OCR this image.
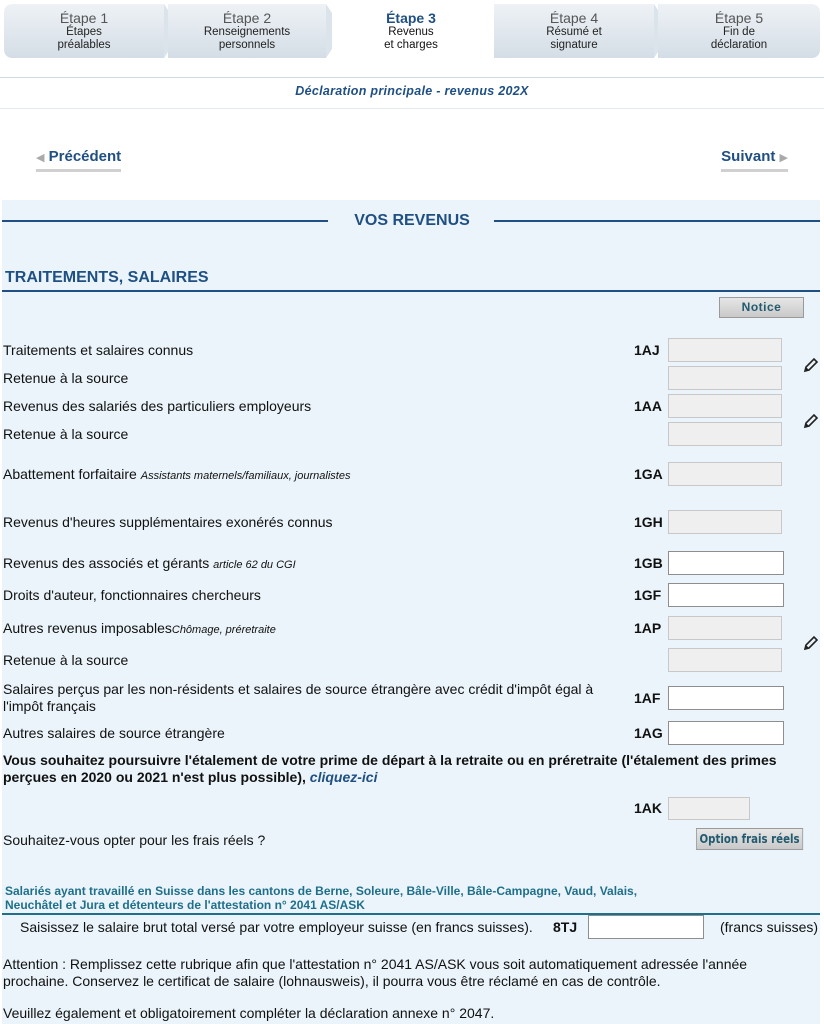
Étape 1
Étapes
préalables
Étape 2
Renseignements
personnels
Étape 3
Revenus
et charges
Étape 4
Résumé et
signature
Étape 5
Fin de
déclaration
Déclaration principale - revenus 202X
◀ Précédent	Suivant ▶
VOS REVENUS
TRAITEMENTS, SALAIRES
Notice
Traitements et salaires connus	1AJ
Retenue à la source
Revenus des salariés des particuliers employeurs	1AA
Retenue à la source
Abattement forfaitaire Assistants maternels/familiaux, journalistes	1GA
Revenus d'heures supplémentaires exonérés connus	1GH
Revenus des associés et gérants article 62 du CGI	1GB
Droits d'auteur, fonctionnaires chercheurs	1GF
Autres revenus imposablesChômage, préretraite	1AP
Retenue à la source
Salaires perçus par les non-résidents et salaires de source étrangère avec crédit d'impôt égal à l'impôt français	1AF
Autres salaires de source étrangère	1AG
Vous souhaitez poursuivre l'étalement de votre prime de départ à la retraite ou en préretraite (l'étalement des primes perçues en 2020 ou 2021 n'est plus possible), cliquez-ici
1AK
Souhaitez-vous opter pour les frais réels ?	Option frais réels
Salariés ayant travaillé en Suisse dans les cantons de Berne, Soleure, Bâle-Ville, Bâle-Campagne, Vaud, Valais, Neuchâtel et Jura et détenteurs de l'attestation n° 2041 AS/ASK
Saisissez le salaire brut total versé par votre employeur suisse (en francs suisses). 8TJ	(francs suisses)
Attention : Remplissez cette rubrique afin que l'attestation n° 2041 AS/ASK vous soit automatiquement adressée l'année prochaine. Conservez le certificat de salaire (lohnausweis), il pourra vous être réclamé en cas de contrôle.
Veuillez également et obligatoirement compléter la déclaration annexe n° 2047.
